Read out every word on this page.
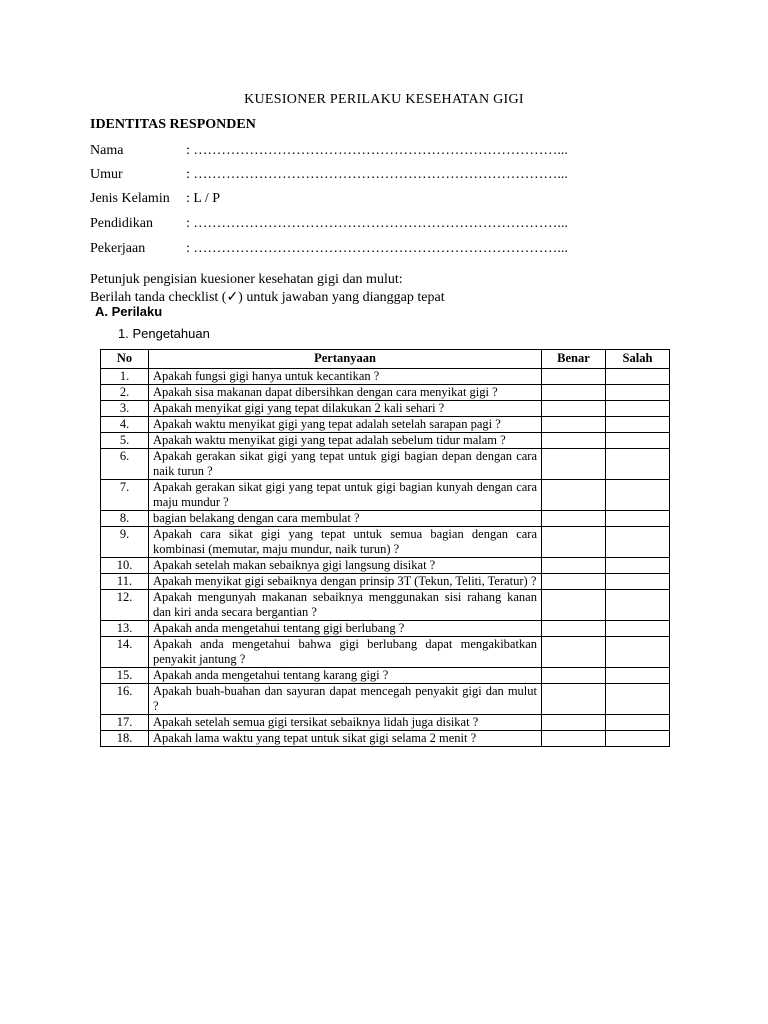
KUESIONER PERILAKU KESEHATAN GIGI
IDENTITAS RESPONDEN
Nama	: ……………………………………………………………………...
Umur	: ……………………………………………………………………...
Jenis Kelamin : L / P
Pendidikan : ……………………………………………………………………...
Pekerjaan	: ……………………………………………………………………...
Petunjuk pengisian kuesioner kesehatan gigi dan mulut:
Berilah tanda checklist (✓) untuk jawaban yang dianggap tepat
A. Perilaku
1. Pengetahuan
No	Pertanyaan	Benar	Salah
1.	Apakah fungsi gigi hanya untuk kecantikan ?		
2.	Apakah sisa makanan dapat dibersihkan dengan cara menyikat gigi ?		
3.	Apakah menyikat gigi yang tepat dilakukan 2 kali sehari ?		
4.	Apakah waktu menyikat gigi yang tepat adalah setelah sarapan pagi ?		
5.	Apakah waktu menyikat gigi yang tepat adalah sebelum tidur malam ?		
6.	Apakah gerakan sikat gigi yang tepat untuk gigi bagian depan dengan cara naik turun ?		
7.	Apakah gerakan sikat gigi yang tepat untuk gigi bagian kunyah dengan cara maju mundur ?		
8.	bagian belakang dengan cara membulat ?		
9.	Apakah cara sikat gigi yang tepat untuk semua bagian dengan cara kombinasi (memutar, maju mundur, naik turun) ?		
10.	Apakah setelah makan sebaiknya gigi langsung disikat ?		
11.	Apakah menyikat gigi sebaiknya dengan prinsip 3T (Tekun, Teliti, Teratur) ?		
12.	Apakah mengunyah makanan sebaiknya menggunakan sisi rahang kanan dan kiri anda secara bergantian ?		
13.	Apakah anda mengetahui tentang gigi berlubang ?		
14.	Apakah anda mengetahui bahwa gigi berlubang dapat mengakibatkan penyakit jantung ?		
15.	Apakah anda mengetahui tentang karang gigi ?		
16.	Apakah buah-buahan dan sayuran dapat mencegah penyakit gigi dan mulut ?		
17.	Apakah setelah semua gigi tersikat sebaiknya lidah juga disikat ?		
18.	Apakah lama waktu yang tepat untuk sikat gigi selama 2 menit ?		
